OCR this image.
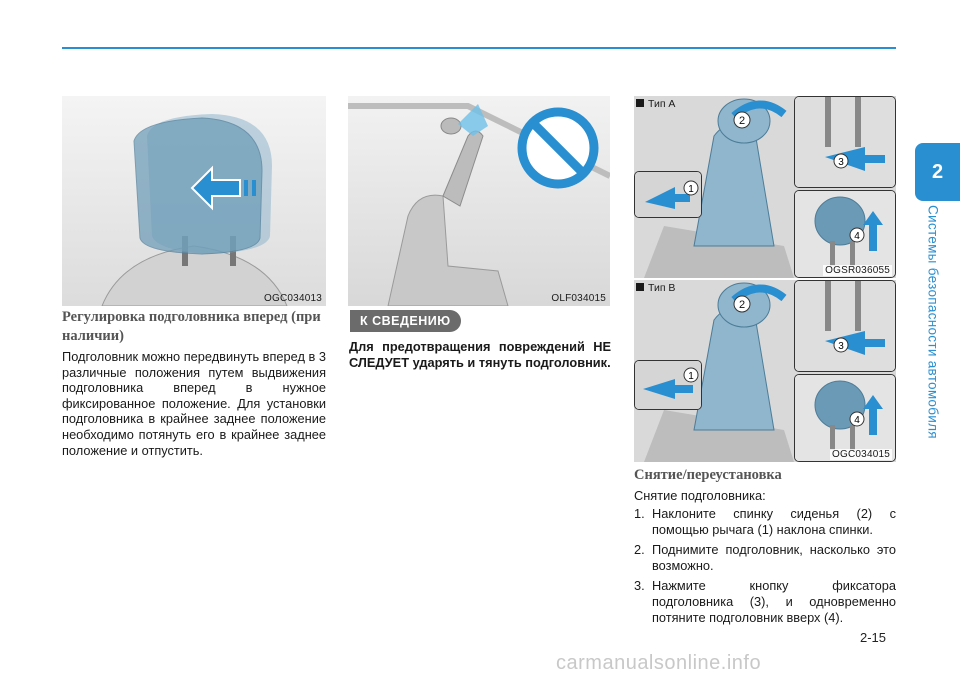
OGC034013
Регулировка подголовника вперед (при наличии)

Подголовник можно передвинуть вперед в 3 различные положения путем выдвижения подголовника вперед в нужное фиксированное положение. Для установки подголовника в крайнее заднее положение необходимо потянуть его в крайнее заднее положение и отпустить.

OLF034015
К СВЕДЕНИЮ

Для предотвращения повреждений НЕ СЛЕДУЕТ ударять и тянуть подголовник.

2
1
3
4
Тип A
OGSR036055
2
1
3
4
Тип B
OGC034015
Снятие/переустановка

Снятие подголовника:

1. Наклоните спинку сиденья (2) с помощью рычага (1) наклона спинки.
2. Поднимите подголовник, насколько это возможно.
3. Нажмите кнопку фиксатора подголовника (3), и одновременно потяните подголовник вверх (4).
2
Системы безопасности автомобиля
2-15
carmanualsonline.info
